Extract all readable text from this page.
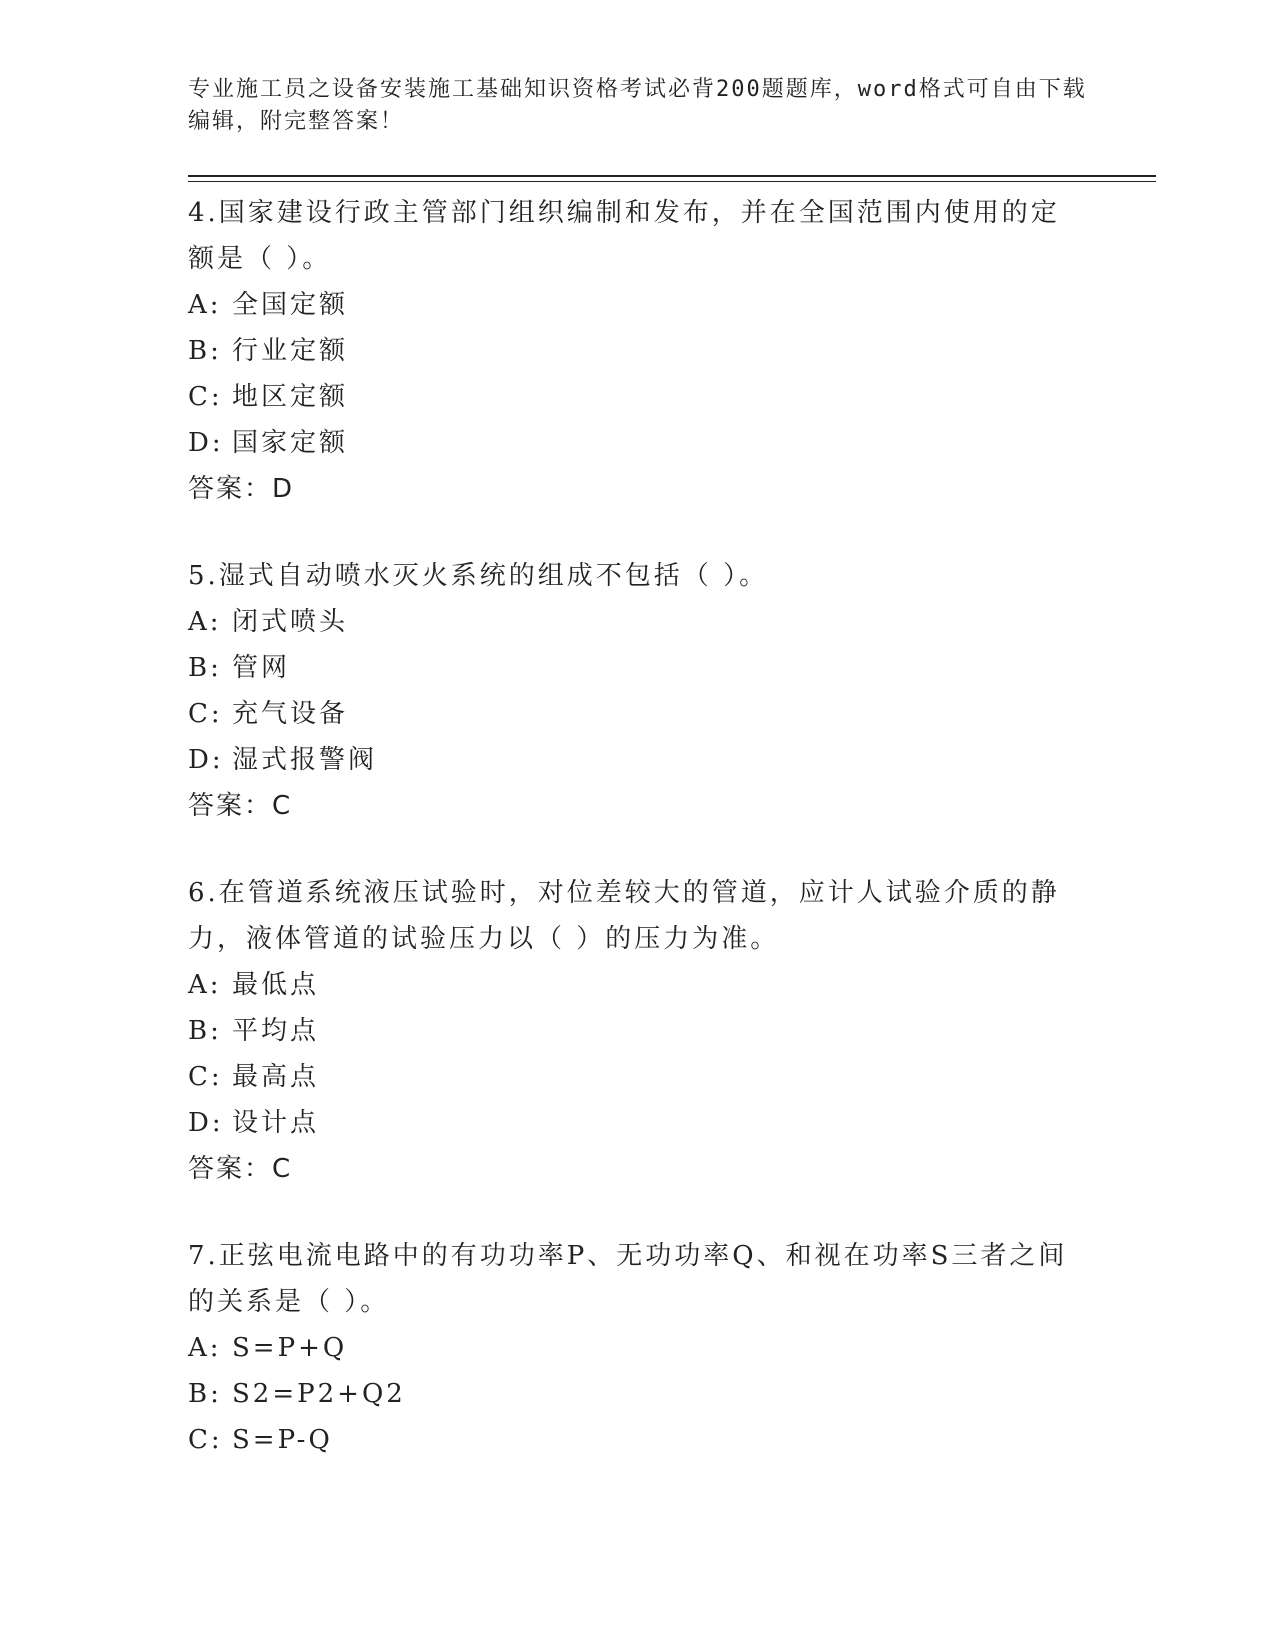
专业施工员之设备安装施工基础知识资格考试必背200题题库，word格式可自由下载编辑，附完整答案！
4.国家建设行政主管部门组织编制和发布，并在全国范围内使用的定额是（ ）。
A: 全国定额
B: 行业定额
C: 地区定额
D: 国家定额
答案：D
5.湿式自动喷水灭火系统的组成不包括（ ）。
A: 闭式喷头
B: 管网
C: 充气设备
D: 湿式报警阀
答案：C
6.在管道系统液压试验时，对位差较大的管道，应计人试验介质的静力，液体管道的试验压力以（ ）的压力为准。
A: 最低点
B: 平均点
C: 最高点
D: 设计点
答案：C
7.正弦电流电路中的有功功率P、无功功率Q、和视在功率S三者之间的关系是（ ）。
A: S=P+Q
B: S2=P2+Q2
C: S=P-Q
